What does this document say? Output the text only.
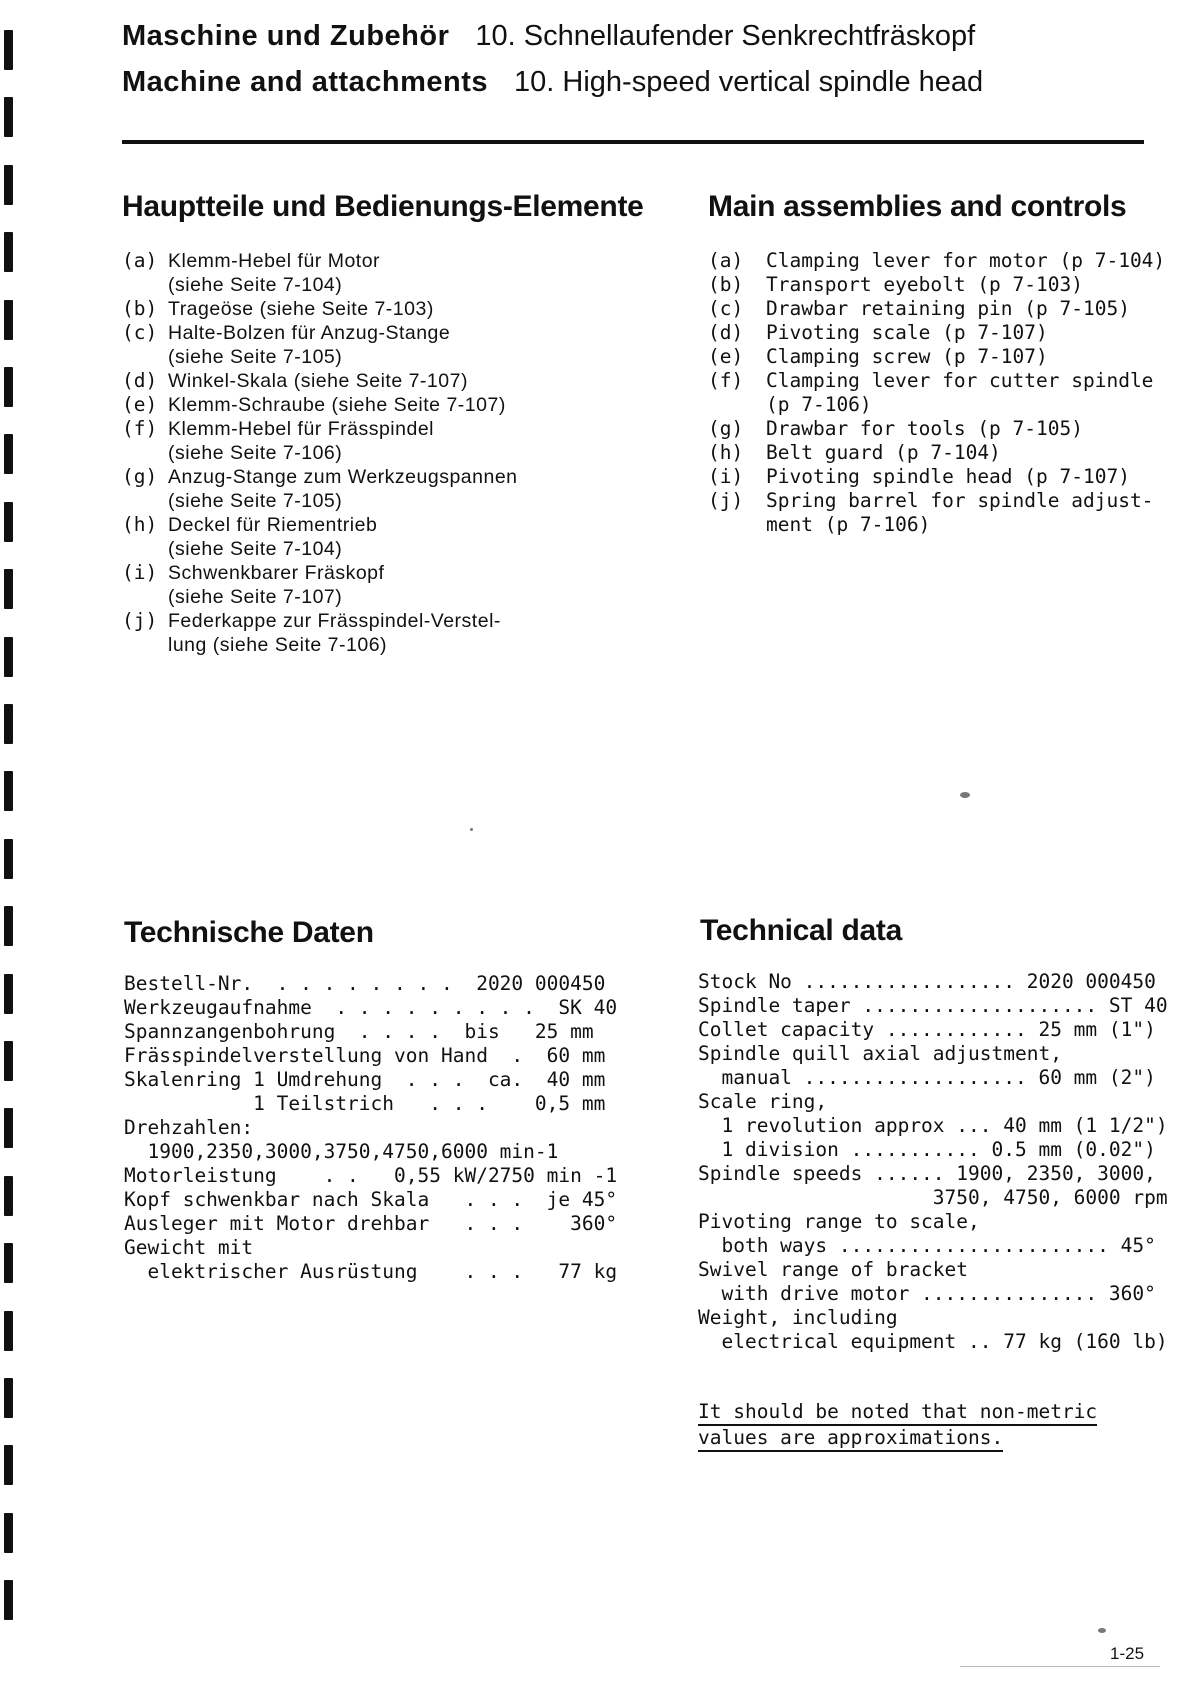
Maschine und Zubehör 10. Schnellaufender Senkrechtfräskopf
Machine and attachments 10. High-speed vertical spindle head
Hauptteile und Bedienungs-Elemente Main assemblies and controls
(a) Klemm-Hebel für Motor
(siehe Seite 7-104)
(b) Trageöse (siehe Seite 7-103)
(c) Halte-Bolzen für Anzug-Stange
(siehe Seite 7-105)
(d) Winkel-Skala (siehe Seite 7-107)
(e) Klemm-Schraube (siehe Seite 7-107)
(f) Klemm-Hebel für Frässpindel
(siehe Seite 7-106)
(g) Anzug-Stange zum Werkzeugspannen
(siehe Seite 7-105)
(h) Deckel für Riementrieb
(siehe Seite 7-104)
(i) Schwenkbarer Fräskopf
(siehe Seite 7-107)
(j) Federkappe zur Frässpindel-Verstel-
lung (siehe Seite 7-106)
(a) Clamping lever for motor (p 7-104)
(b) Transport eyebolt (p 7-103)
(c) Drawbar retaining pin (p 7-105)
(d) Pivoting scale (p 7-107)
(e) Clamping screw (p 7-107)
(f) Clamping lever for cutter spindle
(p 7-106)
(g) Drawbar for tools (p 7-105)
(h) Belt guard (p 7-104)
(i) Pivoting spindle head (p 7-107)
(j) Spring barrel for spindle adjust-
ment (p 7-106)
Technische Daten	Technical data
Bestell-Nr.  . . . . . . . .  2020 000450
Werkzeugaufnahme  . . . . . . . . .  SK 40
Spannzangenbohrung  . . . .  bis   25 mm
Frässpindelverstellung von Hand  .  60 mm
Skalenring 1 Umdrehung  . . .  ca.  40 mm
1 Teilstrich   . . .    0,5 mm
Drehzahlen:
1900,2350,3000,3750,4750,6000 min-1
Motorleistung    . .   0,55 kW/2750 min -1
Kopf schwenkbar nach Skala   . . .  je 45°
Ausleger mit Motor drehbar   . . .    360°
Gewicht mit
elektrischer Ausrüstung    . . .   77 kg
Stock No .................. 2020 000450
Spindle taper .................... ST 40
Collet capacity ............ 25 mm (1")
Spindle quill axial adjustment,
manual ................... 60 mm (2")
Scale ring,
1 revolution approx ... 40 mm (1 1/2")
1 division ........... 0.5 mm (0.02")
Spindle speeds ...... 1900, 2350, 3000,
3750, 4750, 6000 rpm
Pivoting range to scale,
both ways ....................... 45°
Swivel range of bracket
with drive motor ............... 360°
Weight, including
electrical equipment .. 77 kg (160 lb)
It should be noted that non-metric
values are approximations.
1-25
